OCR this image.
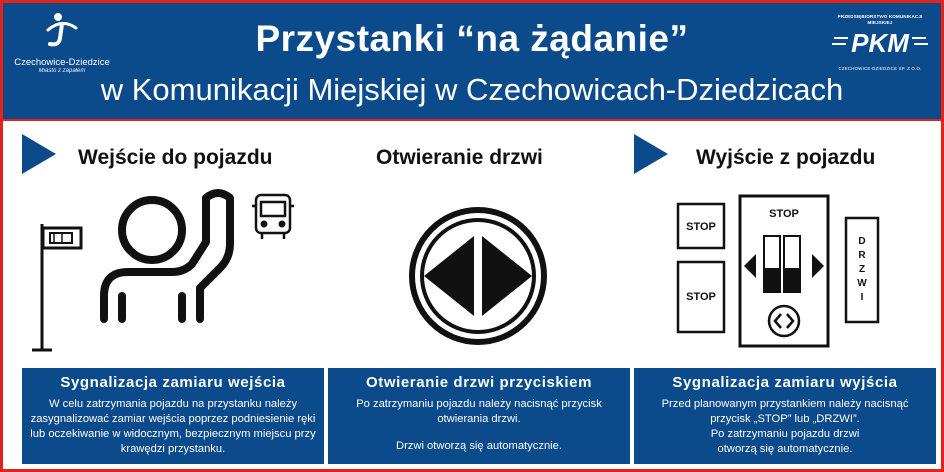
Czechowice-Dziedzice
Miasto z zapałem
PRZEDSIĘBIORSTWO KOMUNIKACJI MIEJSKIEJ
PKM
CZECHOWICE-DZIEDZICE SP. Z O.O.
Przystanki “na żądanie”
w Komunikacji Miejskiej w Czechowicach-Dziedzicach
Wejście do pojazdu
Sygnalizacja zamiaru wejścia
W celu zatrzymania pojazdu na przystanku należy zasygnalizować zamiar wejścia poprzez podniesienie ręki lub oczekiwanie w widocznym, bezpiecznym miejscu przy krawędzi przystanku.
Otwieranie drzwi
Otwieranie drzwi przyciskiem
Po zatrzymaniu pojazdu należy nacisnąć przycisk otwierania drzwi.
Drzwi otworzą się automatycznie.
Wyjście z pojazdu
STOP
STOP
STOP
D
R
Z
W
I
Sygnalizacja zamiaru wyjścia
Przed planowanym przystankiem należy nacisnąć przycisk „STOP” lub „DRZWI”.
Po zatrzymaniu pojazdu drzwi otworzą się automatycznie.
